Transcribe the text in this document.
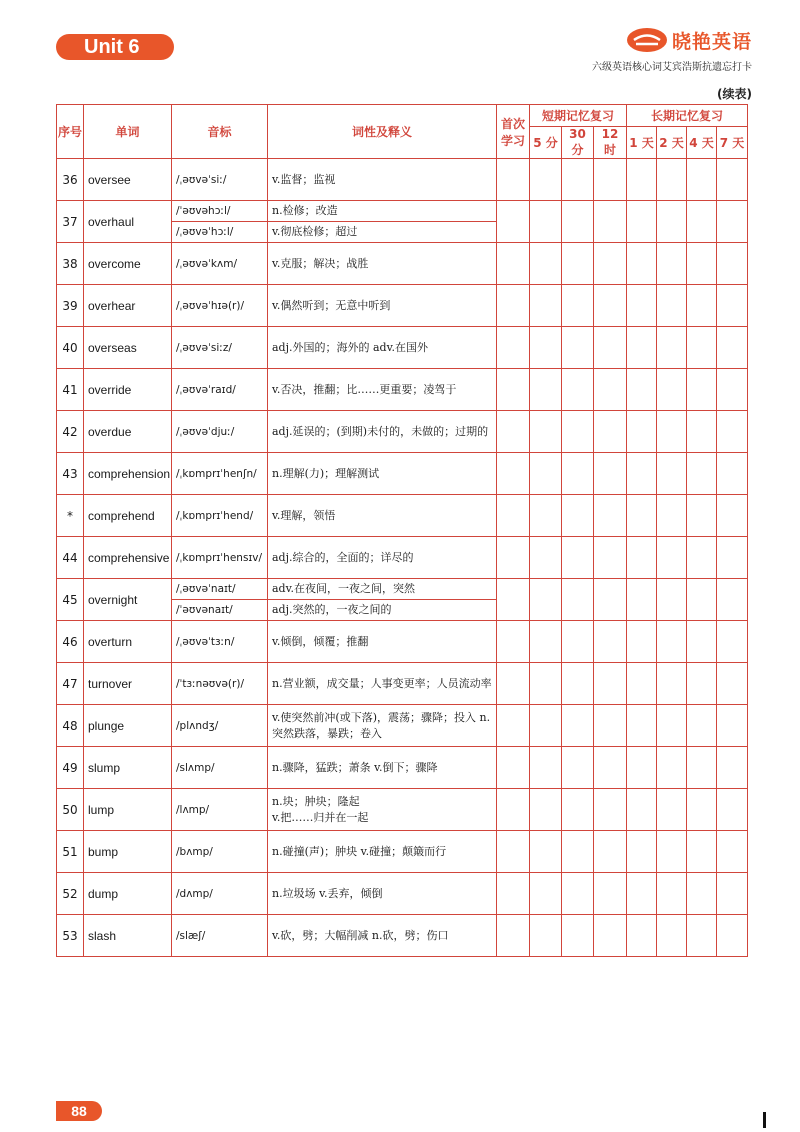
Unit 6	晓艳英语
六级英语核心词艾宾浩斯抗遗忘打卡
(续表)
序号	单词	音标	词性及释义	首次学习	短期记忆复习			长期记忆复习			
					5 分	30 分	12 时	1 天	2 天	4 天	7 天
36	oversee	/ˌəʊvəˈsiː/	v.监督；监视								
37	overhaul	/ˈəʊvəhɔːl/	n.检修；改造								
		/ˌəʊvəˈhɔːl/	v.彻底检修；超过								
38	overcome	/ˌəʊvəˈkʌm/	v.克服；解决；战胜								
39	overhear	/ˌəʊvəˈhɪə(r)/	v.偶然听到；无意中听到								
40	overseas	/ˌəʊvəˈsiːz/	adj.外国的；海外的 adv.在国外								
41	override	/ˌəʊvəˈraɪd/	v.否决，推翻；比……更重要；凌驾于								
42	overdue	/ˌəʊvəˈdjuː/	adj.延误的；(到期)未付的，未做的；过期的								
43	comprehension	/ˌkɒmprɪˈhenʃn/	n.理解(力)；理解测试								
*	comprehend	/ˌkɒmprɪˈhend/	v.理解，领悟								
44	comprehensive	/ˌkɒmprɪˈhensɪv/	adj.综合的，全面的；详尽的								
45	overnight	/ˌəʊvəˈnaɪt/	adv.在夜间，一夜之间，突然								
		/ˈəʊvənaɪt/	adj.突然的，一夜之间的								
46	overturn	/ˌəʊvəˈtɜːn/	v.倾倒，倾覆；推翻								
47	turnover	/ˈtɜːnəʊvə(r)/	n.营业额，成交量；人事变更率；人员流动率								
48	plunge	/plʌndʒ/	v.使突然前冲(或下落)，震荡；骤降；投入 n.突然跌落，暴跌；卷入								
49	slump	/slʌmp/	n.骤降，猛跌；萧条 v.倒下；骤降								
50	lump	/lʌmp/	n.块；肿块；隆起
v.把……归并在一起								
51	bump	/bʌmp/	n.碰撞(声)；肿块 v.碰撞；颠簸而行								
52	dump	/dʌmp/	n.垃圾场 v.丢弃，倾倒								
53	slash	/slæʃ/	v.砍，劈；大幅削减 n.砍，劈；伤口								
88
